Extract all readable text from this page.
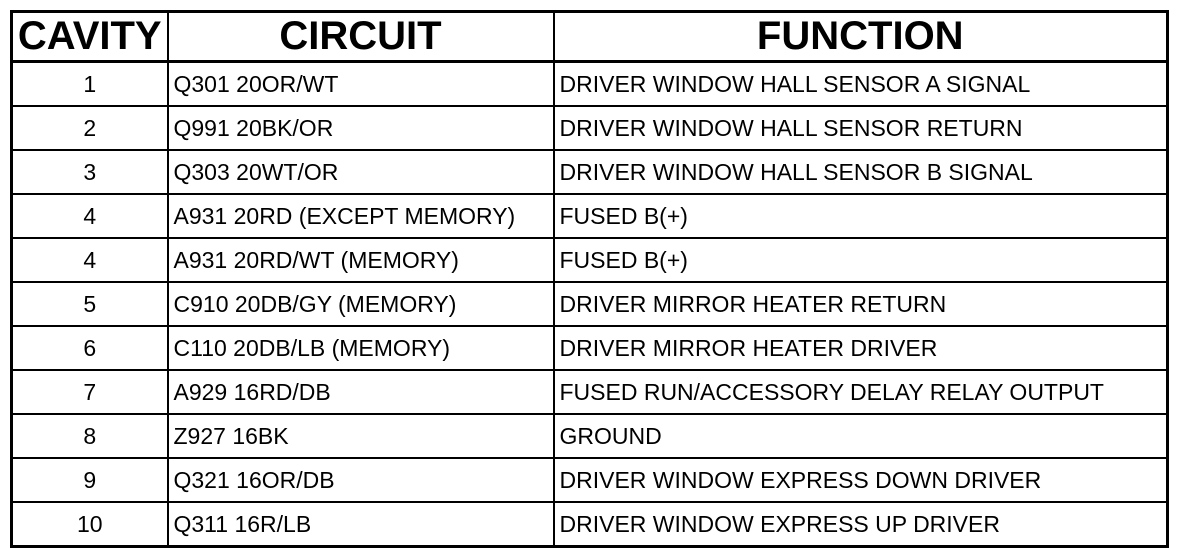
CAVITY	CIRCUIT	FUNCTION
1	Q301 20OR/WT	DRIVER WINDOW HALL SENSOR A SIGNAL
2	Q991 20BK/OR	DRIVER WINDOW HALL SENSOR RETURN
3	Q303 20WT/OR	DRIVER WINDOW HALL SENSOR B SIGNAL
4	A931 20RD (EXCEPT MEMORY)	FUSED B(+)
4	A931 20RD/WT (MEMORY)	FUSED B(+)
5	C910 20DB/GY (MEMORY)	DRIVER MIRROR HEATER RETURN
6	C110 20DB/LB (MEMORY)	DRIVER MIRROR HEATER DRIVER
7	A929 16RD/DB	FUSED RUN/ACCESSORY DELAY RELAY OUTPUT
8	Z927 16BK	GROUND
9	Q321 16OR/DB	DRIVER WINDOW EXPRESS DOWN DRIVER
10	Q311 16R/LB	DRIVER WINDOW EXPRESS UP DRIVER
